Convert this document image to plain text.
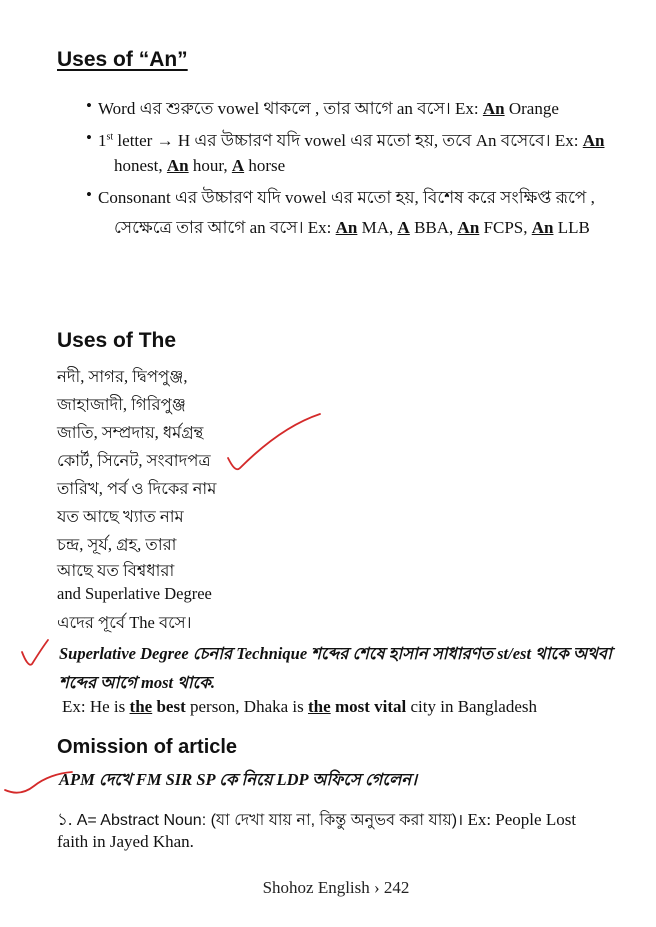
Uses of “An”
• Word এর শুরুতে vowel থাকলে , তার আগে an বসে। Ex: An Orange
• 1st letter → H এর উচ্চারণ যদি vowel এর মতো হয়, তবে An বসেবে। Ex: An
honest, An hour, A horse
• Consonant এর উচ্চারণ যদি vowel এর মতো হয়, বিশেষ করে সংক্ষিপ্ত রূপে ,
সেক্ষেত্রে তার আগে an বসে। Ex: An MA, A BBA, An FCPS, An LLB
Uses of The
নদী, সাগর, দ্বিপপুঞ্জ,
জাহাজাদী, গিরিপুঞ্জ
জাতি, সম্প্রদায়, ধর্মগ্রন্থ
কোর্ট, সিনেট, সংবাদপত্র
তারিখ, পর্ব ও দিকের নাম
যত আছে খ্যাত নাম
চন্দ্র, সূর্য, গ্রহ, তারা
আছে যত বিশ্বধারা
and Superlative Degree
এদের পূর্বে The বসে।
Superlative Degree চেনার Technique শব্দের শেষে হাসান সাধারণত st/est থাকে অথবা
শব্দের আগে most থাকে.
Ex: He is the best person, Dhaka is the most vital city in Bangladesh
Omission of article
APM দেখে FM SIR SP কে নিয়ে LDP অফিসে গেলেন।
১. A= Abstract Noun: (যা দেখা যায় না, কিন্তু অনুভব করা যায়)। Ex: People Lost
faith in Jayed Khan.
Shohoz English › 242
